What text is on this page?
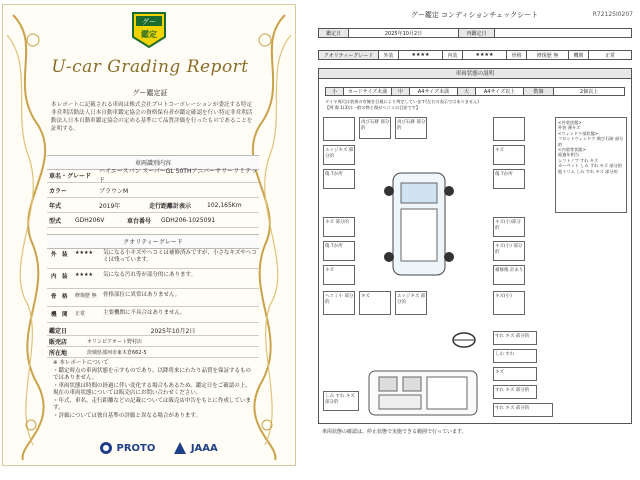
グー
鑑定
U-car Grading Report
グー鑑定証
本レポートに記載される車両は株式会社プロトコーポレーションが委託する特定非営利活動法人日本自動車鑑定協会の資格保有者が鑑定確認を行い特定非営利活動法人日本自動車鑑定協会の定める基準にて品質評価を行ったものであることを証明する。
車両識別内容
車名・グレード
ハイエースバン スーパーGL 50THアニバーサリーリミテッド
カラー	ブラウンM
年式	2019年	走行距離計表示	102,165Km
型式	GDH206V	車台番号	GDH206-1025091
クオリティーグレード
外　装	★★★★	気になる小キズやヘコミは補修済みですが、小さなキズやヘコミは残っています。
内　装	★★★★	気になる汚れ等が部分的にあります。
骨　格	修復歴 無	骨格部位に異常はありません。
機　関	正常	主要機関に不具合はありません。
鑑定日	2025年10月2日
販売店	オリンピアオート野村店
所在地	茨城県那珂市東木倉662-5
※ 本レポートについて
・鑑定時点の車両状態を示すものであり、以降将来にわたり品質を保証するものではありません。
・車両状態は時間の経過に伴い変化する場合もあるため、鑑定日をご確認の上、現在の車両状態については販売店にお問い合わせください。
・年式、車名、走行距離などの記載については販売店申告をもとに作成しています。
・評価については独自基準の評価と異なる場合があります。
PROTO	JAAA
グー鑑定 コンディションチェックシート	R72125I0207
鑑定日	2025年10月2日	再鑑定日
クオリティーグレード	外装	★★★★	内装	★★★★	骨格	修復歴 無	機関	正常
車両状態の説明
小	カードサイズ未満	中	A4サイズ未満	大	A4サイズ以上	数個	2個以上
タイヤ周辺は装着の有無を目視により判定しています(左右の表示ではありません)
【例 傷 1(3)は一般の物と傷がヘコミの目安です】
エッジキズ 部分的
傷 7か所
キズ 部分的
傷 7か所
キズ
ヘコミ小 部分的
再び石跡 部分的
再び石跡 部分的
キズ	エッジキズ 部分的
キズ
傷 7か所
キズ(小)部分的
キズ(小) 部分的
補修後 計あり
キズ(小)
<外装状態>
外装 薄キズ
<ウィンドウ部状態>
フロントウィンドウ 飛び石跡 部分的
<内装等状態>
経過年相当
シフトノブ すれ キズ
カーペット しみ すれ キズ 部分的
他トリム しみ すれ キズ 部分的
すれ キズ 部分的
しわ すれ
キズ
すれ キズ 部分的
すれ キズ 部分的
しみ すれ キズ 部分的
車両状態の確認は、停止状態で実施できる範囲で行っています。
